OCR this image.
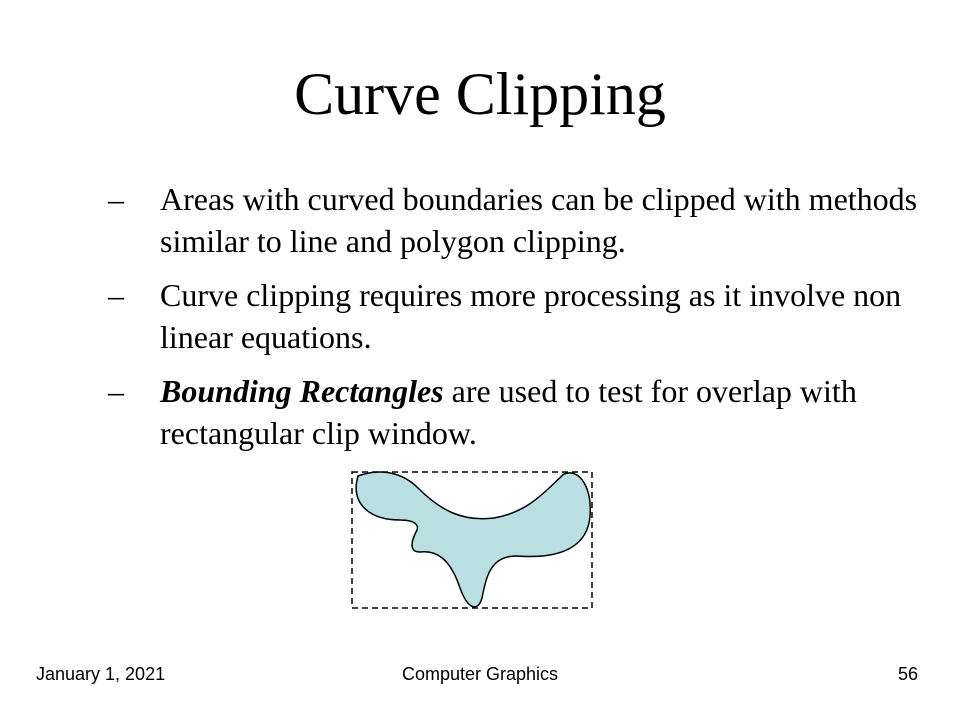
Curve Clipping
– Areas with curved boundaries can be clipped with methods similar to line and polygon clipping.
– Curve clipping requires more processing as it involve non linear equations.
– Bounding Rectangles are used to test for overlap with rectangular clip window.
January 1, 2021	Computer Graphics	56
